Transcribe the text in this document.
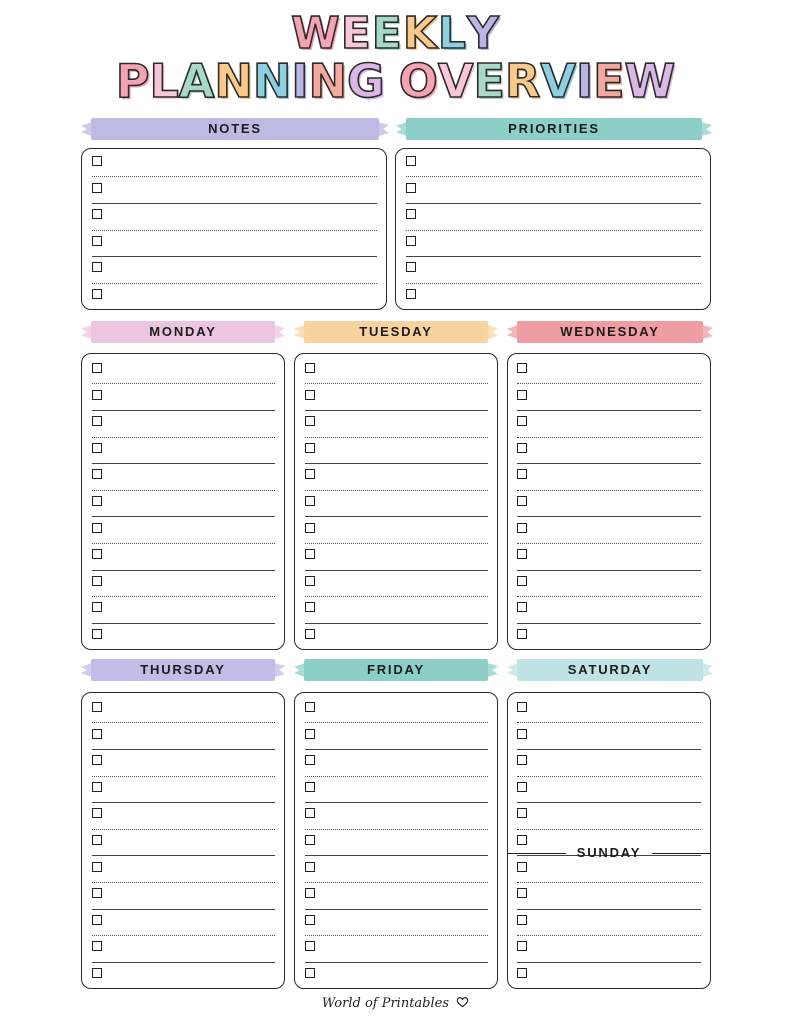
WEEKLY
PLANNING OVERVIEW
NOTES	PRIORITIES
MONDAY	TUESDAY	WEDNESDAY
THURSDAY	FRIDAY	SATURDAY
SUNDAY
World of Printables
